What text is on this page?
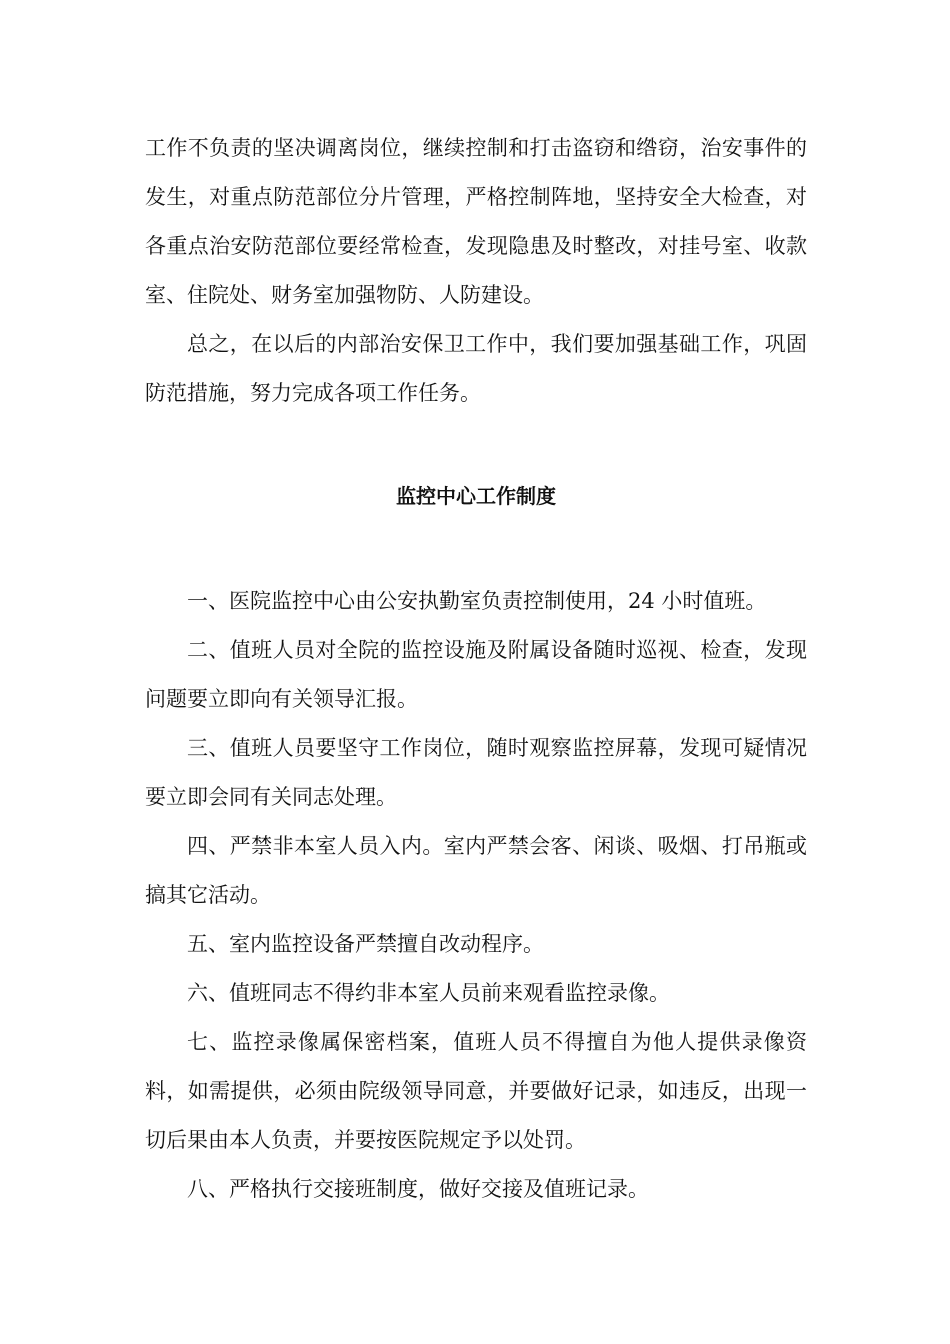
工作不负责的坚决调离岗位，继续控制和打击盗窃和绺窃，治安事件的发生，对重点防范部位分片管理，严格控制阵地，坚持安全大检查，对各重点治安防范部位要经常检查，发现隐患及时整改，对挂号室、收款室、住院处、财务室加强物防、人防建设。

总之，在以后的内部治安保卫工作中，我们要加强基础工作，巩固防范措施，努力完成各项工作任务。

监控中心工作制度

一、医院监控中心由公安执勤室负责控制使用，24 小时值班。

二、值班人员对全院的监控设施及附属设备随时巡视、检查，发现问题要立即向有关领导汇报。

三、值班人员要坚守工作岗位，随时观察监控屏幕，发现可疑情况要立即会同有关同志处理。

四、严禁非本室人员入内。室内严禁会客、闲谈、吸烟、打吊瓶或搞其它活动。

五、室内监控设备严禁擅自改动程序。

六、值班同志不得约非本室人员前来观看监控录像。

七、监控录像属保密档案，值班人员不得擅自为他人提供录像资料，如需提供，必须由院级领导同意，并要做好记录，如违反，出现一切后果由本人负责，并要按医院规定予以处罚。

八、严格执行交接班制度，做好交接及值班记录。
